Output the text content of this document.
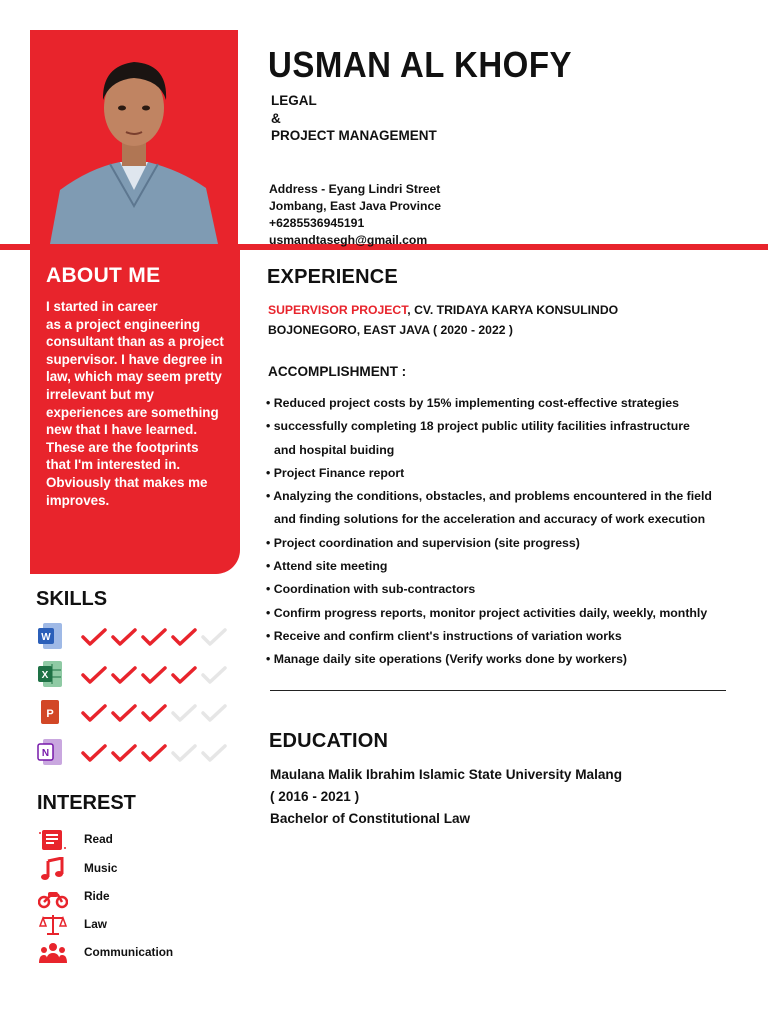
ABOUT ME
I started in career
as a project engineering
consultant than as a project
supervisor. I have degree in
law, which may seem pretty
irrelevant but my
experiences are something
new that I have learned.
These are the footprints
that I'm interested in.
Obviously that makes me
improves.
USMAN AL KHOFY
LEGAL
&
PROJECT MANAGEMENT
Address - Eyang Lindri Street
Jombang, East Java Province
+6285536945191
usmandtasegh@gmail.com
EXPERIENCE
SUPERVISOR PROJECT, CV. TRIDAYA KARYA KONSULINDO
BOJONEGORO, EAST JAVA ( 2020 - 2022 )
ACCOMPLISHMENT :
• Reduced project costs by 15% implementing cost-effective strategies
• successfully completing 18 project public utility facilities infrastructure
and hospital buiding
• Project Finance report
• Analyzing the conditions, obstacles, and problems encountered in the field
and finding solutions for the acceleration and accuracy of work execution
• Project coordination and supervision (site progress)
• Attend site meeting
• Coordination with sub-contractors
• Confirm progress reports, monitor project activities daily, weekly, monthly
• Receive and confirm client's instructions of variation works
• Manage daily site operations (Verify works done by workers)
EDUCATION
Maulana Malik Ibrahim Islamic State University Malang
( 2016 - 2021 )
Bachelor of Constitutional Law
SKILLS
W
X
P
N
INTEREST
Read
Music
Ride
Law
Communication
